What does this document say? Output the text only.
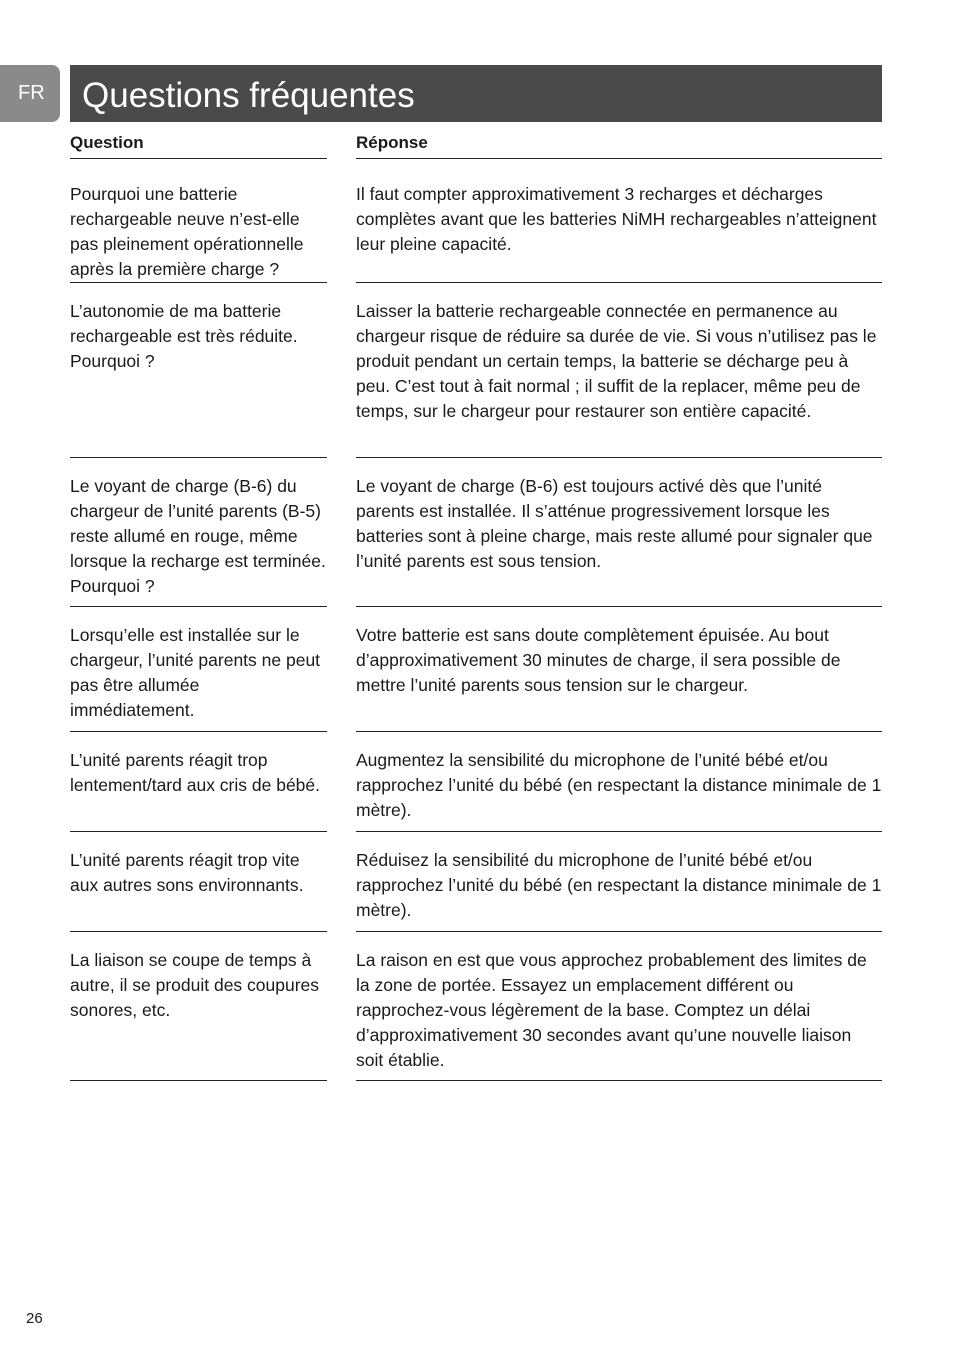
FR	Questions fréquentes
Question	Réponse
Pourquoi une batterie rechargeable neuve n’est-elle pas pleinement opérationnelle après la première charge ?
Il faut compter approximativement 3 recharges et décharges complètes avant que les batteries NiMH rechargeables n’atteignent leur pleine capacité.
L’autonomie de ma batterie rechargeable est très réduite. Pourquoi ?
Laisser la batterie rechargeable connectée en permanence au chargeur risque de réduire sa durée de vie. Si vous n’utilisez pas le produit pendant un certain temps, la batterie se décharge peu à peu. C’est tout à fait normal ; il suffit de la replacer, même peu de temps, sur le chargeur pour restaurer son entière capacité.
Le voyant de charge (B-6) du chargeur de l’unité parents (B-5) reste allumé en rouge, même lorsque la recharge est terminée. Pourquoi ?
Le voyant de charge (B-6) est toujours activé dès que l’unité parents est installée. Il s’atténue progressivement lorsque les batteries sont à pleine charge, mais reste allumé pour signaler que l’unité parents est sous tension.
Lorsqu’elle est installée sur le chargeur, l’unité parents ne peut pas être allumée immédiatement.
Votre batterie est sans doute complètement épuisée. Au bout d’approximativement 30 minutes de charge, il sera possible de mettre l’unité parents sous tension sur le chargeur.
L’unité parents réagit trop lentement/tard aux cris de bébé.
Augmentez la sensibilité du microphone de l’unité bébé et/ou rapprochez l’unité du bébé (en respectant la distance minimale de 1 mètre).
L’unité parents réagit trop vite aux autres sons environnants.
Réduisez la sensibilité du microphone de l’unité bébé et/ou rapprochez l’unité du bébé (en respectant la distance minimale de 1 mètre).
La liaison se coupe de temps à autre, il se produit des coupures sonores, etc.
La raison en est que vous approchez probablement des limites de la zone de portée. Essayez un emplacement différent ou rapprochez-vous légèrement de la base. Comptez un délai d’approximativement 30 secondes avant qu’une nouvelle liaison soit établie.
26
